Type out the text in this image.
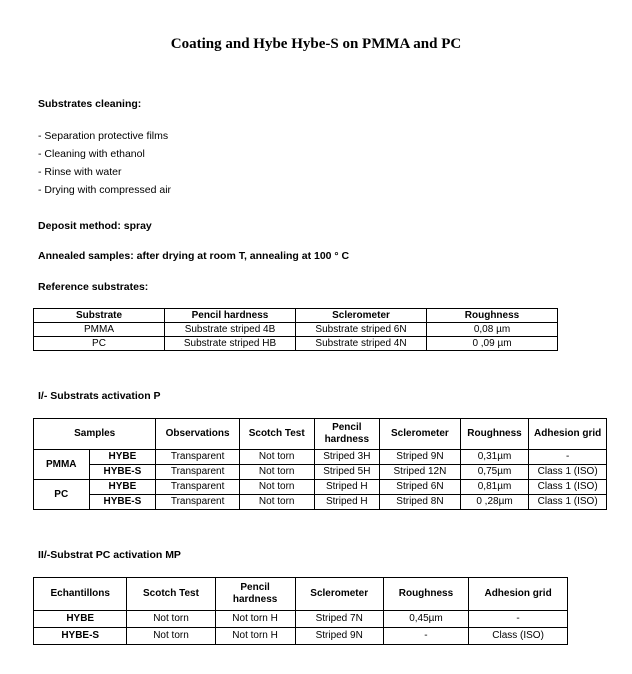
Coating and Hybe Hybe-S on PMMA and PC
Substrates cleaning:
- Separation protective films
- Cleaning with ethanol
- Rinse with water
- Drying with compressed air
Deposit method: spray
Annealed samples: after drying at room T, annealing at 100 ° C
Reference substrates:
Substrate	Pencil hardness	Sclerometer	Roughness
PMMA	Substrate striped 4B	Substrate striped 6N	0,08 µm
PC	Substrate striped HB	Substrate striped 4N	0 ,09 µm
I/- Substrats activation P
Samples		Observations	Scotch Test	Pencil hardness	Sclerometer	Roughness	Adhesion grid
PMMA	HYBE	Transparent	Not torn	Striped 3H	Striped 9N	0,31µm	-
	HYBE-S	Transparent	Not torn	Striped 5H	Striped 12N	0,75µm	Class 1 (ISO)
PC	HYBE	Transparent	Not torn	Striped H	Striped 6N	0,81µm	Class 1 (ISO)
	HYBE-S	Transparent	Not torn	Striped H	Striped 8N	0 ,28µm	Class 1 (ISO)
II/-Substrat PC activation MP
Echantillons	Scotch Test	Pencil hardness	Sclerometer	Roughness	Adhesion grid
HYBE	Not torn	Not torn H	Striped 7N	0,45µm	-
HYBE-S	Not torn	Not torn H	Striped 9N	-	Class (ISO)
